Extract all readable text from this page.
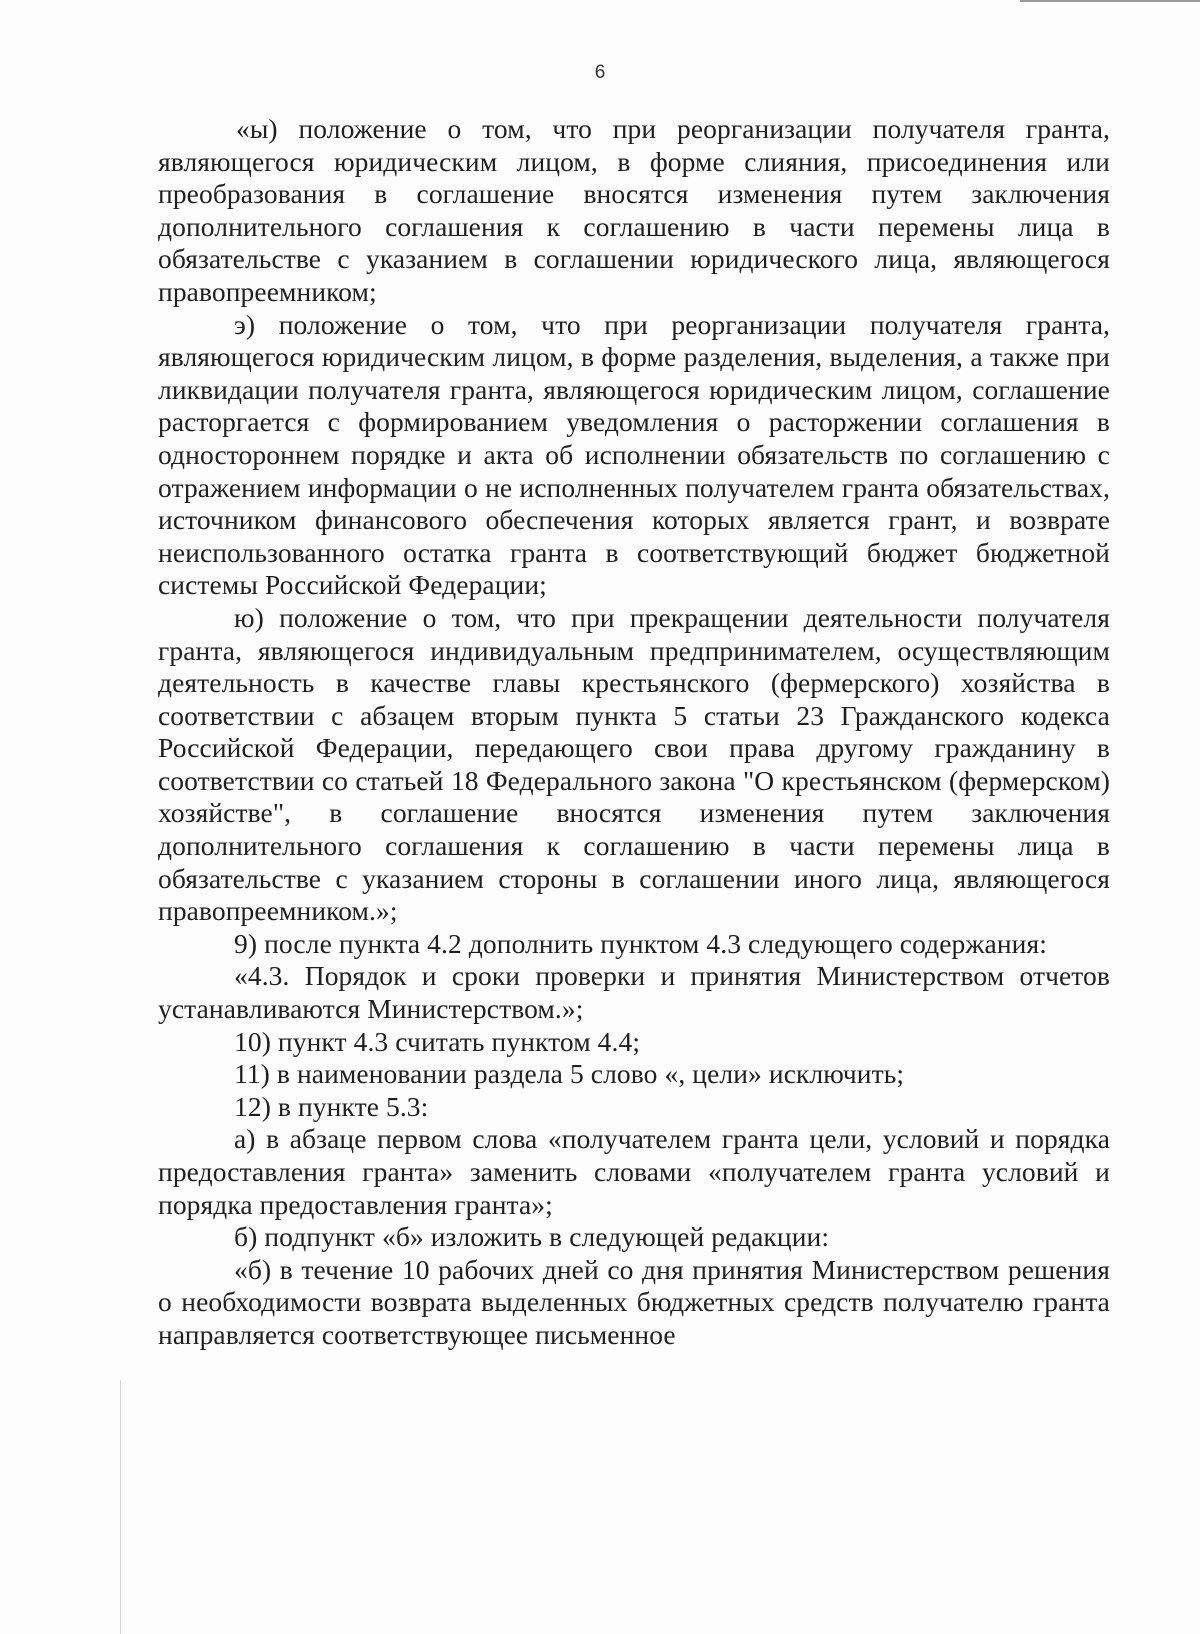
6

«ы) положение о том, что при реорганизации получателя гранта, являющегося юридическим лицом, в форме слияния, присоединения или преобразования в соглашение вносятся изменения путем заключения дополнительного соглашения к соглашению в части перемены лица в обязательстве с указанием в соглашении юридического лица, являющегося правопреемником;

э) положение о том, что при реорганизации получателя гранта, являющегося юридическим лицом, в форме разделения, выделения, а также при ликвидации получателя гранта, являющегося юридическим лицом, соглашение расторгается с формированием уведомления о расторжении соглашения в одностороннем порядке и акта об исполнении обязательств по соглашению с отражением информации о не исполненных получателем гранта обязательствах, источником финансового обеспечения которых является грант, и возврате неиспользованного остатка гранта в соответствующий бюджет бюджетной системы Российской Федерации;

ю) положение о том, что при прекращении деятельности получателя гранта, являющегося индивидуальным предпринимателем, осуществляющим деятельность в качестве главы крестьянского (фермерского) хозяйства в соответствии с абзацем вторым пункта 5 статьи 23 Гражданского кодекса Российской Федерации, передающего свои права другому гражданину в соответствии со статьей 18 Федерального закона "О крестьянском (фермерском) хозяйстве", в соглашение вносятся изменения путем заключения дополнительного соглашения к соглашению в части перемены лица в обязательстве с указанием стороны в соглашении иного лица, являющегося правопреемником.»;

9) после пункта 4.2 дополнить пунктом 4.3 следующего содержания:

«4.3. Порядок и сроки проверки и принятия Министерством отчетов устанавливаются Министерством.»;

10) пункт 4.3 считать пунктом 4.4;

11) в наименовании раздела 5 слово «, цели» исключить;

12) в пункте 5.3:

а) в абзаце первом слова «получателем гранта цели, условий и порядка предоставления гранта» заменить словами «получателем гранта условий и порядка предоставления гранта»;

б) подпункт «б» изложить в следующей редакции:

«б) в течение 10 рабочих дней со дня принятия Министерством решения о необходимости возврата выделенных бюджетных средств получателю гранта направляется соответствующее письменное
